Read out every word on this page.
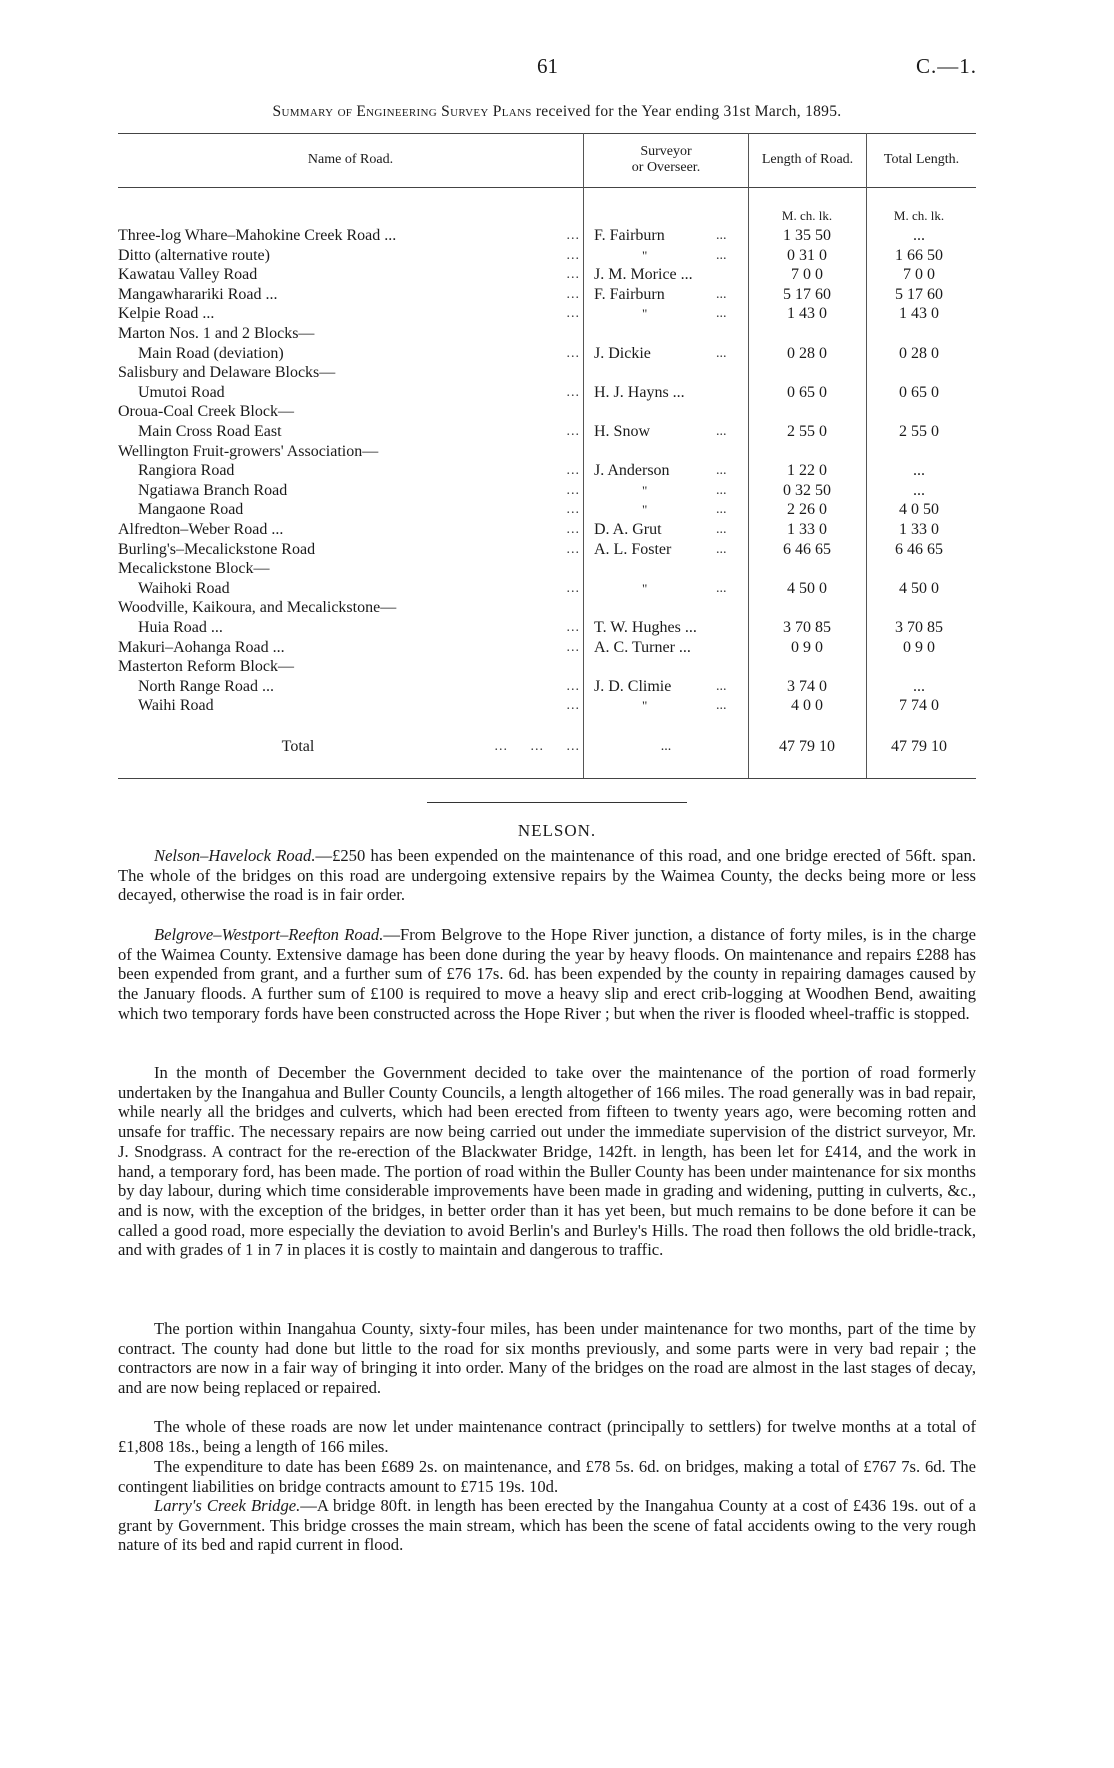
61	C.—1.
Summary of Engineering Survey Plans received for the Year ending 31st March, 1895.
Name of Road.
Surveyor
or Overseer.
Length of Road.	Total Length.
M. ch. lk.	M. ch. lk.
Three-log Whare–Mahokine Creek Road ...	... F. Fairburn	...	1 35 50	...
Ditto (alternative route)	...	"	...	0 31 0	1 66 50
Kawatau Valley Road	... J. M. Morice ...	7 0 0	7 0 0
Mangawharariki Road ...	... F. Fairburn	...	5 17 60	5 17 60
Kelpie Road ...	...	"	...	1 43 0	1 43 0
Marton Nos. 1 and 2 Blocks—
Main Road (deviation)	... J. Dickie	...	0 28 0	0 28 0
Salisbury and Delaware Blocks—
Umutoi Road	... H. J. Hayns ...	0 65 0	0 65 0
Oroua-Coal Creek Block—
Main Cross Road East	... H. Snow	...	2 55 0	2 55 0
Wellington Fruit-growers' Association—
Rangiora Road	... J. Anderson	...	1 22 0	...
Ngatiawa Branch Road	...	"	...	0 32 50	...
Mangaone Road	...	"	...	2 26 0	4 0 50
Alfredton–Weber Road ...	... D. A. Grut	...	1 33 0	1 33 0
Burling's–Mecalickstone Road	... A. L. Foster	...	6 46 65	6 46 65
Mecalickstone Block—
Waihoki Road	...	"	...	4 50 0	4 50 0
Woodville, Kaikoura, and Mecalickstone—
Huia Road ...	... T. W. Hughes ...	3 70 85	3 70 85
Makuri–Aohanga Road ...	... A. C. Turner ...	0 9 0	0 9 0
Masterton Reform Block—
North Range Road ...	... J. D. Climie	...	3 74 0	...
Waihi Road	...	"	...	4 0 0	7 74 0
Total	...     ...     ...	...	47 79 10	47 79 10
NELSON.
Nelson–Havelock Road.—£250 has been expended on the maintenance of this road, and one bridge erected of 56ft. span. The whole of the bridges on this road are undergoing extensive repairs by the Waimea County, the decks being more or less decayed, otherwise the road is in fair order.
Belgrove–Westport–Reefton Road.—From Belgrove to the Hope River junction, a distance of forty miles, is in the charge of the Waimea County. Extensive damage has been done during the year by heavy floods. On maintenance and repairs £288 has been expended from grant, and a further sum of £76 17s. 6d. has been expended by the county in repairing damages caused by the January floods. A further sum of £100 is required to move a heavy slip and erect crib-logging at Woodhen Bend, awaiting which two temporary fords have been constructed across the Hope River ; but when the river is flooded wheel-traffic is stopped.
In the month of December the Government decided to take over the maintenance of the portion of road formerly undertaken by the Inangahua and Buller County Councils, a length altogether of 166 miles. The road generally was in bad repair, while nearly all the bridges and culverts, which had been erected from fifteen to twenty years ago, were becoming rotten and unsafe for traffic. The necessary repairs are now being carried out under the immediate supervision of the district surveyor, Mr. J. Snodgrass. A contract for the re-erection of the Blackwater Bridge, 142ft. in length, has been let for £414, and the work in hand, a temporary ford, has been made. The portion of road within the Buller County has been under maintenance for six months by day labour, during which time considerable improvements have been made in grading and widening, putting in culverts, &c., and is now, with the exception of the bridges, in better order than it has yet been, but much remains to be done before it can be called a good road, more especially the deviation to avoid Berlin's and Burley's Hills. The road then follows the old bridle-track, and with grades of 1 in 7 in places it is costly to maintain and dangerous to traffic.
The portion within Inangahua County, sixty-four miles, has been under maintenance for two months, part of the time by contract. The county had done but little to the road for six months previously, and some parts were in very bad repair ; the contractors are now in a fair way of bringing it into order. Many of the bridges on the road are almost in the last stages of decay, and are now being replaced or repaired.
The whole of these roads are now let under maintenance contract (principally to settlers) for twelve months at a total of £1,808 18s., being a length of 166 miles.
The expenditure to date has been £689 2s. on maintenance, and £78 5s. 6d. on bridges, making a total of £767 7s. 6d. The contingent liabilities on bridge contracts amount to £715 19s. 10d.
Larry's Creek Bridge.—A bridge 80ft. in length has been erected by the Inangahua County at a cost of £436 19s. out of a grant by Government. This bridge crosses the main stream, which has been the scene of fatal accidents owing to the very rough nature of its bed and rapid current in flood.
